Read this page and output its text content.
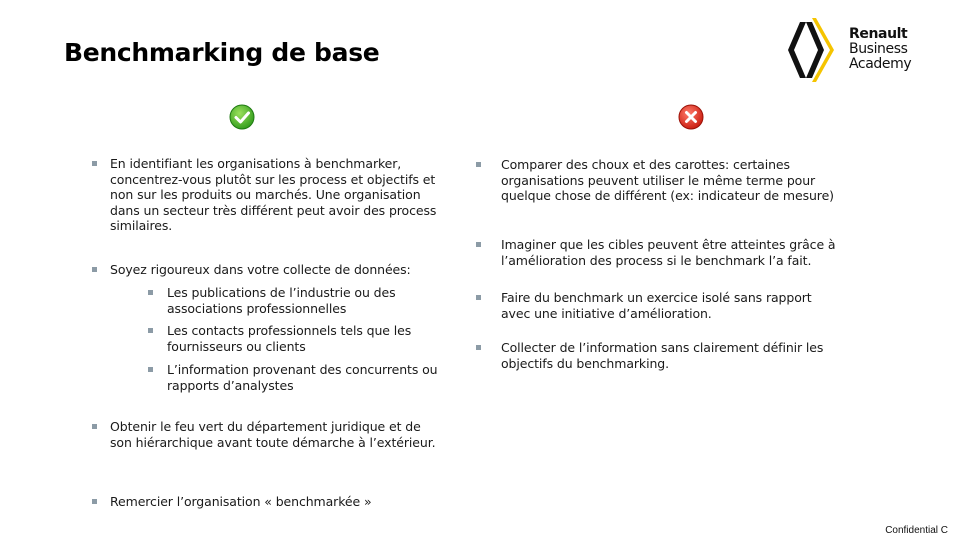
Benchmarking de base
Renault
Business
Academy
En identifiant les organisations à benchmarker, concentrez-vous plutôt sur les process et objectifs et non sur les produits ou marchés. Une organisation dans un secteur très différent peut avoir des process similaires.
Soyez rigoureux dans votre collecte de données:
Les publications de l’industrie ou des associations professionnelles
Les contacts professionnels tels que les fournisseurs ou clients
L’information provenant des concurrents ou rapports d’analystes
Obtenir le feu vert du département juridique et de son hiérarchique avant toute démarche à l’extérieur.
Remercier l’organisation « benchmarkée »
Comparer des choux et des carottes: certaines organisations peuvent utiliser le même terme pour quelque chose de différent (ex: indicateur de mesure)
Imaginer que les cibles peuvent être atteintes grâce à l’amélioration des process si le benchmark l’a fait.
Faire du benchmark un exercice isolé sans rapport avec une initiative d’amélioration.
Collecter de l’information sans clairement définir les objectifs du benchmarking.
Confidential C
